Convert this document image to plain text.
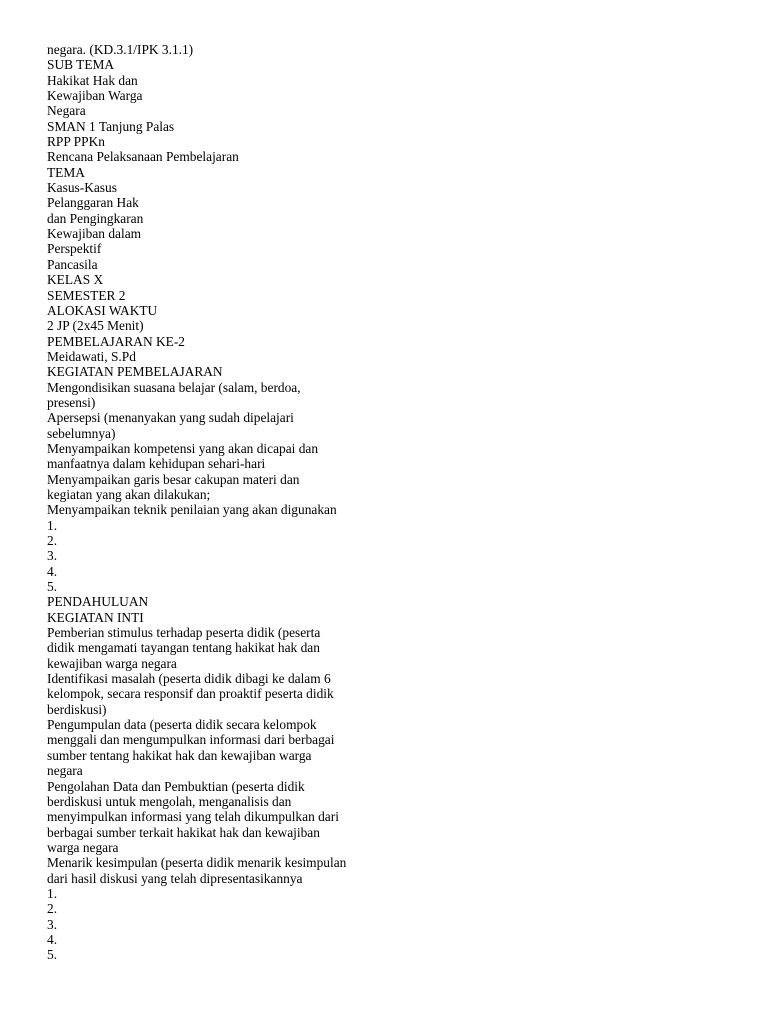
negara. (KD.3.1/IPK 3.1.1)
SUB TEMA
Hakikat Hak dan
Kewajiban Warga
Negara
SMAN 1 Tanjung Palas
RPP PPKn
Rencana Pelaksanaan Pembelajaran
TEMA
Kasus-Kasus
Pelanggaran Hak
dan Pengingkaran
Kewajiban dalam
Perspektif
Pancasila
KELAS X
SEMESTER 2
ALOKASI WAKTU
2 JP (2x45 Menit)
PEMBELAJARAN KE-2
Meidawati, S.Pd
KEGIATAN PEMBELAJARAN
Mengondisikan suasana belajar (salam, berdoa,
presensi)
Apersepsi (menanyakan yang sudah dipelajari
sebelumnya)
Menyampaikan kompetensi yang akan dicapai dan
manfaatnya dalam kehidupan sehari-hari
Menyampaikan garis besar cakupan materi dan
kegiatan yang akan dilakukan;
Menyampaikan teknik penilaian yang akan digunakan
1.
2.
3.
4.
5.
PENDAHULUAN
KEGIATAN INTI
Pemberian stimulus terhadap peserta didik (peserta
didik mengamati tayangan tentang hakikat hak dan
kewajiban warga negara
Identifikasi masalah (peserta didik dibagi ke dalam 6
kelompok, secara responsif dan proaktif peserta didik
berdiskusi)
Pengumpulan data (peserta didik secara kelompok
menggali dan mengumpulkan informasi dari berbagai
sumber tentang hakikat hak dan kewajiban warga
negara
Pengolahan Data dan Pembuktian (peserta didik
berdiskusi untuk mengolah, menganalisis dan
menyimpulkan informasi yang telah dikumpulkan dari
berbagai sumber terkait hakikat hak dan kewajiban
warga negara
Menarik kesimpulan (peserta didik menarik kesimpulan
dari hasil diskusi yang telah dipresentasikannya
1.
2.
3.
4.
5.
